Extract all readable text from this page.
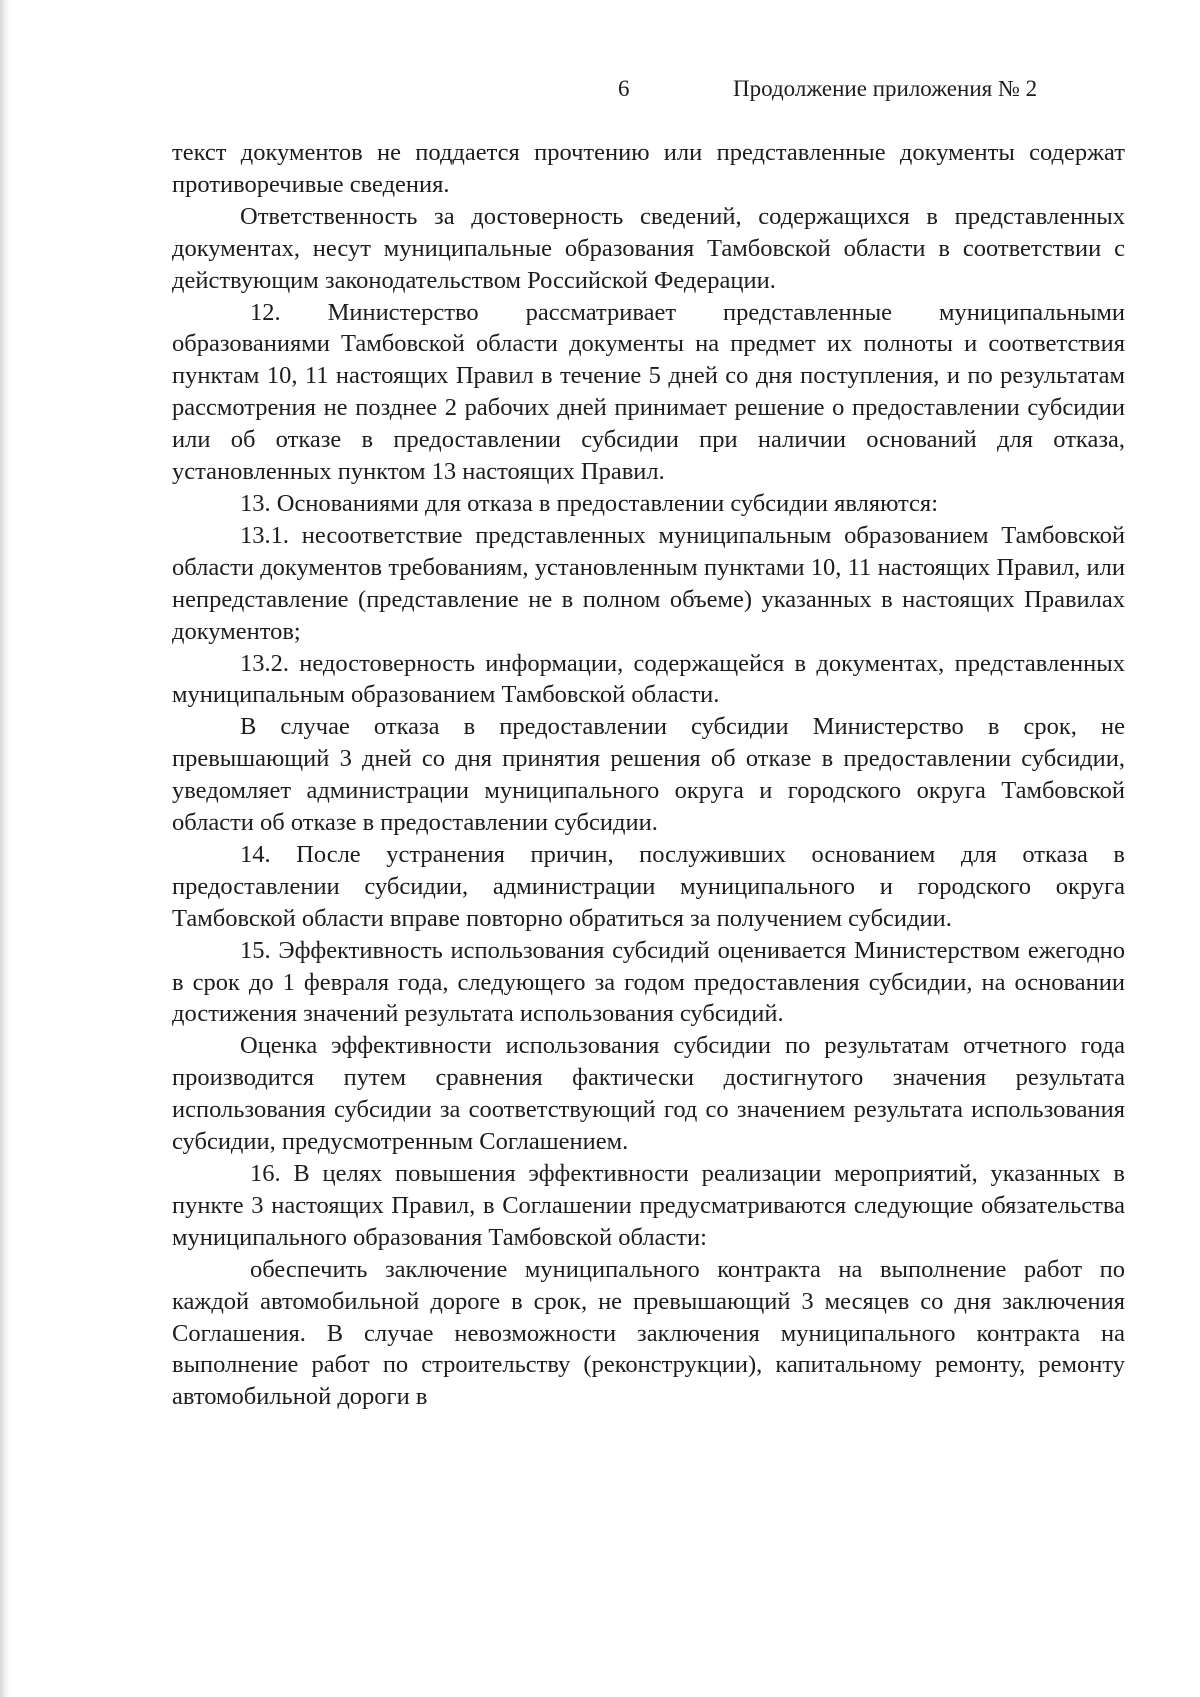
6	Продолжение приложения № 2

текст документов не поддается прочтению или представленные документы содержат противоречивые сведения.

Ответственность за достоверность сведений, содержащихся в представленных документах, несут муниципальные образования Тамбовской области в соответствии с действующим законодательством Российской Федерации.

12. Министерство рассматривает представленные муниципальными образованиями Тамбовской области документы на предмет их полноты и соответствия пунктам 10, 11 настоящих Правил в течение 5 дней со дня поступления, и по результатам рассмотрения не позднее 2 рабочих дней принимает решение о предоставлении субсидии или об отказе в предоставлении субсидии при наличии оснований для отказа, установленных пунктом 13 настоящих Правил.

13. Основаниями для отказа в предоставлении субсидии являются:

13.1. несоответствие представленных муниципальным образованием Тамбовской области документов требованиям, установленным пунктами 10, 11 настоящих Правил, или непредставление (представление не в полном объеме) указанных в настоящих Правилах документов;

13.2. недостоверность информации, содержащейся в документах, представленных муниципальным образованием Тамбовской области.

В случае отказа в предоставлении субсидии Министерство в срок, не превышающий 3 дней со дня принятия решения об отказе в предоставлении субсидии, уведомляет администрации муниципального округа и городского округа Тамбовской области об отказе в предоставлении субсидии.

14. После устранения причин, послуживших основанием для отказа в предоставлении субсидии, администрации муниципального и городского округа Тамбовской области вправе повторно обратиться за получением субсидии.

15. Эффективность использования субсидий оценивается Министерством ежегодно в срок до 1 февраля года, следующего за годом предоставления субсидии, на основании достижения значений результата использования субсидий.

Оценка эффективности использования субсидии по результатам отчетного года производится путем сравнения фактически достигнутого значения результата использования субсидии за соответствующий год со значением результата использования субсидии, предусмотренным Соглашением.

16. В целях повышения эффективности реализации мероприятий, указанных в пункте 3 настоящих Правил, в Соглашении предусматриваются следующие обязательства муниципального образования Тамбовской области:

обеспечить заключение муниципального контракта на выполнение работ по каждой автомобильной дороге в срок, не превышающий 3 месяцев со дня заключения Соглашения. В случае невозможности заключения муниципального контракта на выполнение работ по строительству (реконструкции), капитальному ремонту, ремонту автомобильной дороги в
